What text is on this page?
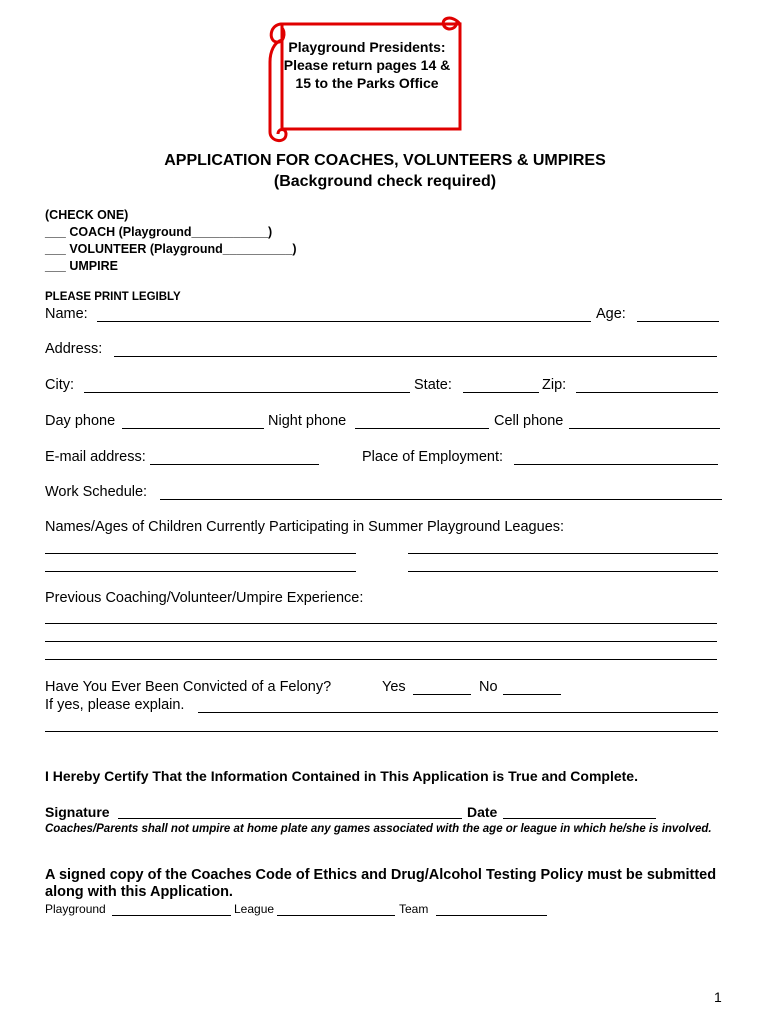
Playground Presidents: Please return pages 14 & 15 to the Parks Office
APPLICATION FOR COACHES, VOLUNTEERS & UMPIRES
(Background check required)
(CHECK ONE)
___ COACH (Playground___________)
___ VOLUNTEER (Playground__________)
___ UMPIRE
PLEASE PRINT LEGIBLY
Name:	Age:
Address:
City:	State:	Zip:
Day phone	Night phone	Cell phone
E-mail address:	Place of Employment:
Work Schedule:
Names/Ages of Children Currently Participating in Summer Playground Leagues:
Previous Coaching/Volunteer/Umpire Experience:
Have You Ever Been Convicted of a Felony?	Yes	No
If yes, please explain.
I Hereby Certify That the Information Contained in This Application is True and Complete.
Signature	Date
Coaches/Parents shall not umpire at home plate any games associated with the age or league in which he/she is involved.
A signed copy of the Coaches Code of Ethics and Drug/Alcohol Testing Policy must be submitted along with this Application.
Playground	League	Team
1
